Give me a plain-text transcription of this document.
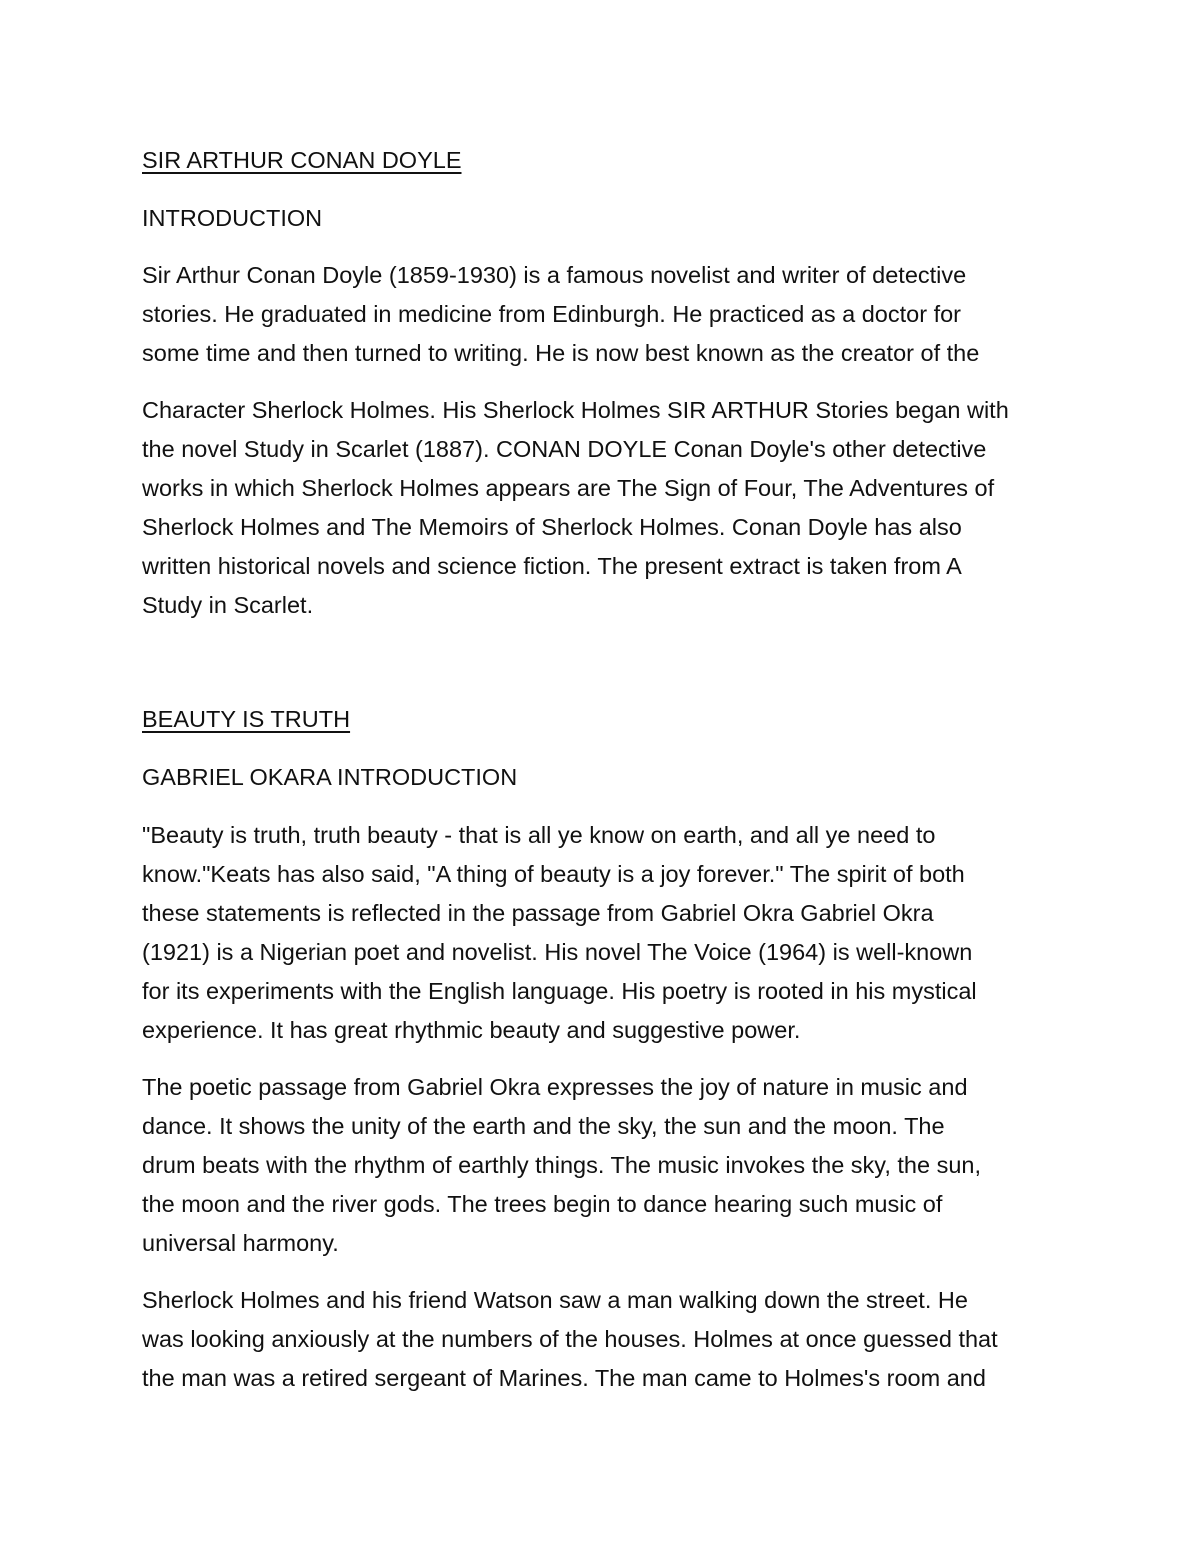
SIR ARTHUR CONAN DOYLE
INTRODUCTION

Sir Arthur Conan Doyle (1859-1930) is a famous novelist and writer of detective
stories. He graduated in medicine from Edinburgh. He practiced as a doctor for
some time and then turned to writing. He is now best known as the creator of the

Character Sherlock Holmes. His Sherlock Holmes SIR ARTHUR Stories began with
the novel Study in Scarlet (1887). CONAN DOYLE Conan Doyle's other detective
works in which Sherlock Holmes appears are The Sign of Four, The Adventures of
Sherlock Holmes and The Memoirs of Sherlock Holmes. Conan Doyle has also
written historical novels and science fiction. The present extract is taken from A
Study in Scarlet.

BEAUTY IS TRUTH
GABRIEL OKARA INTRODUCTION

"Beauty is truth, truth beauty - that is all ye know on earth, and all ye need to
know."Keats has also said, "A thing of beauty is a joy forever." The spirit of both
these statements is reflected in the passage from Gabriel Okra Gabriel Okra
(1921) is a Nigerian poet and novelist. His novel The Voice (1964) is well-known
for its experiments with the English language. His poetry is rooted in his mystical
experience. It has great rhythmic beauty and suggestive power.

The poetic passage from Gabriel Okra expresses the joy of nature in music and
dance. It shows the unity of the earth and the sky, the sun and the moon. The
drum beats with the rhythm of earthly things. The music invokes the sky, the sun,
the moon and the river gods. The trees begin to dance hearing such music of
universal harmony.

Sherlock Holmes and his friend Watson saw a man walking down the street. He
was looking anxiously at the numbers of the houses. Holmes at once guessed that
the man was a retired sergeant of Marines. The man came to Holmes's room and
